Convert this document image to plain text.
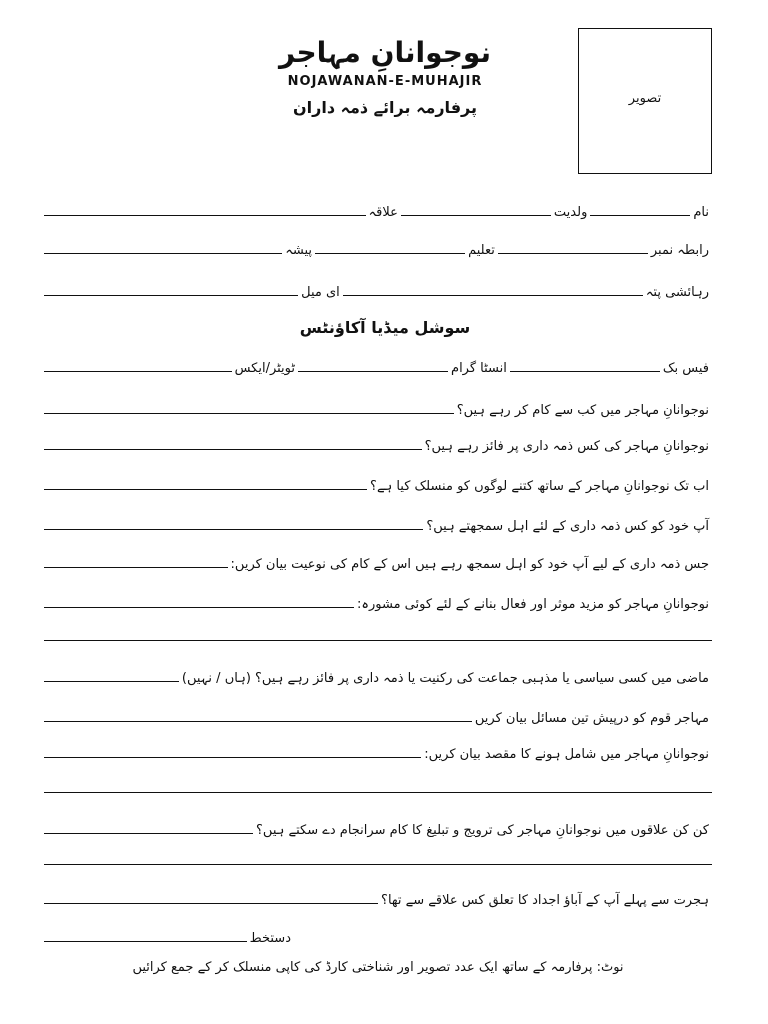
نوجوانانِ مہاجر
NOJAWANAN-E-MUHAJIR
پرفارمہ برائے ذمہ داران	تصویر
نام
ولدیت
علاقہ
رابطہ نمبر
تعلیم
پیشہ
رہائشی پتہ
ای میل
سوشل میڈیا آکاؤنٹس
فیس بک
انسٹا گرام
ٹویٹر/ایکس
نوجوانانِ مہاجر میں کب سے کام کر رہے ہیں؟
نوجوانانِ مہاجر کی کس ذمہ داری پر فائز رہے ہیں؟
اب تک نوجوانانِ مہاجر کے ساتھ کتنے لوگوں کو منسلک کیا ہے؟
آپ خود کو کس ذمہ داری کے لئے اہل سمجھتے ہیں؟
جس ذمہ داری کے لیے آپ خود کو اہل سمجھ رہے ہیں اس کے کام کی نوعیت بیان کریں:
نوجوانانِ مہاجر کو مزید موثر اور فعال بنانے کے لئے کوئی مشورہ:
ماضی میں کسی سیاسی یا مذہبی جماعت کی رکنیت یا ذمہ داری پر فائز رہے ہیں؟ (ہاں / نہیں)
مہاجر قوم کو درپیش تین مسائل بیان کریں
نوجوانانِ مہاجر میں شامل ہونے کا مقصد بیان کریں:
کن کن علاقوں میں نوجوانانِ مہاجر کی ترویج و تبلیغ کا کام سرانجام دے سکتے ہیں؟
ہجرت سے پہلے آپ کے آباؤ اجداد کا تعلق کس علاقے سے تھا؟
دستخط
نوٹ: پرفارمہ کے ساتھ ایک عدد تصویر اور شناختی کارڈ کی کاپی منسلک کر کے جمع کرائیں
